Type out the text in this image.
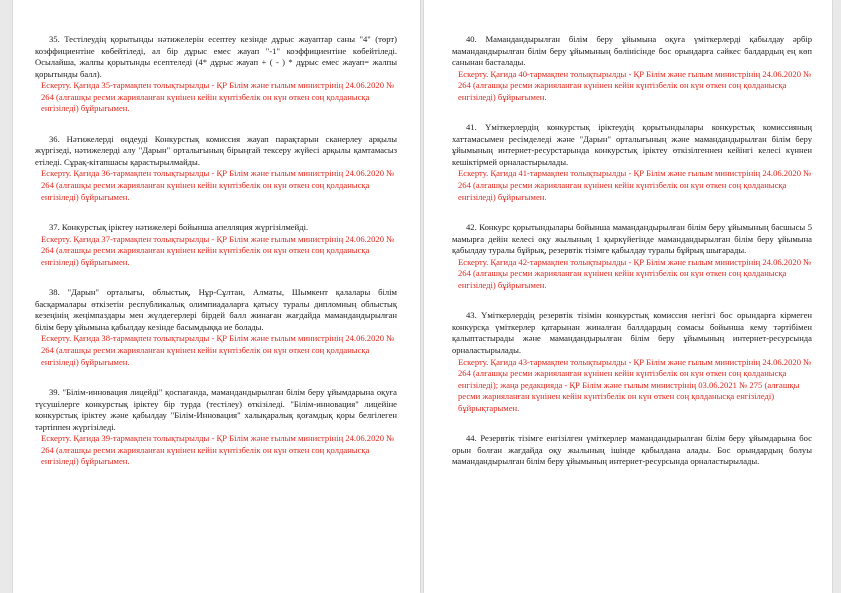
35. Тестілеудің қорытынды нәтижелерін есептеу кезінде дұрыс жауаптар саны "4" (төрт) коэффициентіне көбейтіледі, ал бір дұрыс емес жауап "-1" коэффициентіне көбейтіледі. Осылайша, жалпы қорытынды есептеледі (4* дұрыс жауап + ( - ) * дұрыс емес жауап= жалпы қорытынды балл).

Ескерту. Қағида 35-тармақпен толықтырылды - ҚР Білім және ғылым министрінің 24.06.2020 № 264 (алғашқы ресми жарияланған күнінен кейін күнтізбелік он күн өткен соң қолданысқа енгізіледі) бұйрығымен.

36. Нәтижелерді өңдеуді Конкурстық комиссия жауап парақтарын сканерлеу арқылы жүргізеді, нәтижелерді алу "Дарын" орталығының бірыңғай тексеру жүйесі арқылы қамтамасыз етіледі. Сұрақ-кітапшасы қарастырылмайды.

Ескерту. Қағида 36-тармақпен толықтырылды - ҚР Білім және ғылым министрінің 24.06.2020 № 264 (алғашқы ресми жарияланған күнінен кейін күнтізбелік он күн өткен соң қолданысқа енгізіледі) бұйрығымен.

37. Конкурстық іріктеу нәтижелері бойынша апелляция жүргізілмейді.

Ескерту. Қағида 37-тармақпен толықтырылды - ҚР Білім және ғылым министрінің 24.06.2020 № 264 (алғашқы ресми жарияланған күнінен кейін күнтізбелік он күн өткен соң қолданысқа енгізіледі) бұйрығымен.

38. "Дарын" орталығы, облыстық, Нұр-Сұлтан, Алматы, Шымкент қалалары білім басқармалары өткізетін республикалық олимпиадаларға қатысу туралы дипломның облыстық кезеңінің жеңімпаздары мен жүлдегерлері бірдей балл жинаған жағдайда мамандандырылған білім беру ұйымына қабылдау кезінде басымдыққа ие болады.

Ескерту. Қағида 38-тармақпен толықтырылды - ҚР Білім және ғылым министрінің 24.06.2020 № 264 (алғашқы ресми жарияланған күнінен кейін күнтізбелік он күн өткен соң қолданысқа енгізіледі) бұйрығымен.

39. "Білім-инновация лицейді" қоспағанда, мамандандырылған білім беру ұйымдарына оқуға түсушілерге конкурстық іріктеу бір турда (тестілеу) өткізіледі. "Білім-инновация" лицейіне конкурстық іріктеу және қабылдау "Білім-Инновация" халықаралық қоғамдық қоры белгілеген тәртіппен жүргізіледі.

Ескерту. Қағида 39-тармақпен толықтырылды - ҚР Білім және ғылым министрінің 24.06.2020 № 264 (алғашқы ресми жарияланған күнінен кейін күнтізбелік он күн өткен соң қолданысқа енгізіледі) бұйрығымен.

40. Мамандандырылған білім беру ұйымына оқуға үміткерлерді қабылдау әрбір мамандандырылған білім беру ұйымының бөлінісінде бос орындарға сәйкес балдардың ең көп санынан басталады.

Ескерту. Қағида 40-тармақпен толықтырылды - ҚР Білім және ғылым министрінің 24.06.2020 № 264 (алғашқы ресми жарияланған күнінен кейін күнтізбелік он күн өткен соң қолданысқа енгізіледі) бұйрығымен.

41. Үміткерлердің конкурстық іріктеудің қорытындылары конкурстық комиссияның хаттамасымен ресімделеді және "Дарын" орталығының және мамандандырылған білім беру ұйымының интернет-ресурстарында конкурстық іріктеу өткізілгеннен кейінгі келесі күннен кешіктірмей орналастырылады.

Ескерту. Қағида 41-тармақпен толықтырылды - ҚР Білім және ғылым министрінің 24.06.2020 № 264 (алғашқы ресми жарияланған күнінен кейін күнтізбелік он күн өткен соң қолданысқа енгізіледі) бұйрығымен.

42. Конкурс қорытындылары бойынша мамандандырылған білім беру ұйымының басшысы 5 мамырға дейін келесі оқу жылының 1 қыркүйегінде мамандандырылған білім беру ұйымына қабылдау туралы бұйрық, резервтік тізімге қабылдау туралы бұйрық шығарады.

Ескерту. Қағида 42-тармақпен толықтырылды - ҚР Білім және ғылым министрінің 24.06.2020 № 264 (алғашқы ресми жарияланған күнінен кейін күнтізбелік он күн өткен соң қолданысқа енгізіледі) бұйрығымен.

43. Үміткерлердің резервтік тізімін конкурстық комиссия негізгі бос орындарға кірмеген конкурсқа үміткерлер қатарынан жиналған баллдардың сомасы бойынша кему тәртібімен қалыптастырады және мамандандырылған білім беру ұйымының интернет-ресурсында орналастырылады.

Ескерту. Қағида 43-тармақпен толықтырылды - ҚР Білім және ғылым министрінің 24.06.2020 № 264 (алғашқы ресми жарияланған күнінен кейін күнтізбелік он күн өткен соң қолданысқа енгізіледі); жаңа редакцияда - ҚР Білім және ғылым министрінің 03.06.2021 № 275 (алғашқы ресми жарияланған күнінен кейін күнтізбелік он күн өткен соң қолданысқа енгізіледі) бұйрықтарымен.

44. Резервтік тізімге енгізілген үміткерлер мамандандырылған білім беру ұйымдарына бос орын болған жағдайда оқу жылының ішінде қабылдана алады. Бос орындардың болуы мамандандырылған білім беру ұйымының интернет-ресурсында орналастырылады.
